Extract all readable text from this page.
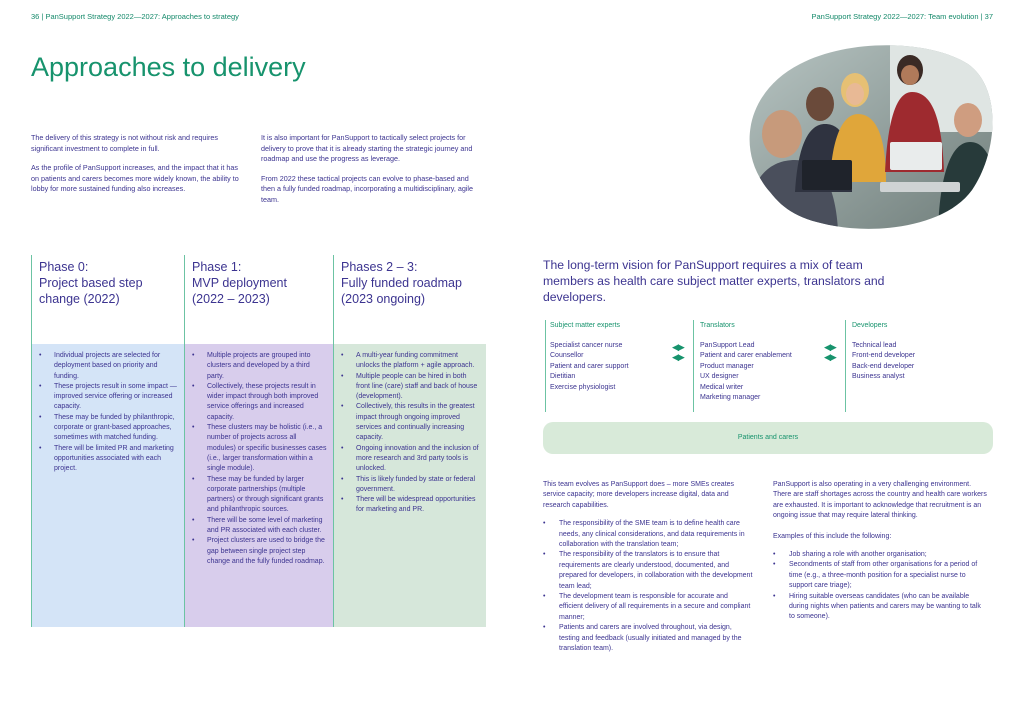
36 | PanSupport Strategy 2022—2027: Approaches to strategy	PanSupport Strategy 2022—2027: Team evolution | 37
Approaches to delivery

The delivery of this strategy is not without risk and requires significant investment to complete in full.

As the profile of PanSupport increases, and the impact that it has on patients and carers becomes more widely known, the ability to lobby for more sustained funding also increases.

It is also important for PanSupport to tactically select projects for delivery to prove that it is already starting the strategic journey and roadmap and use the progress as leverage.

From 2022 these tactical projects can evolve to phase-based and then a fully funded roadmap, incorporating a multidisciplinary, agile team.

Phase 0:
Project based step
change (2022)
• Individual projects are selected for deployment based on priority and funding.
• These projects result in some impact — improved service offering or increased capacity.
• These may be funded by philanthropic, corporate or grant-based approaches, sometimes with matched funding.
• There will be limited PR and marketing opportunities associated with each project.
Phase 1:
MVP deployment
(2022 – 2023)
• Multiple projects are grouped into clusters and developed by a third party.
• Collectively, these projects result in wider impact through both improved service offerings and increased capacity.
• These clusters may be holistic (i.e., a number of projects across all modules) or specific businesses cases (i.e., larger transformation within a single module).
• These may be funded by larger corporate partnerships (multiple partners) or through significant grants and philanthropic sources.
• There will be some level of marketing and PR associated with each cluster.
• Project clusters are used to bridge the gap between single project step change and the fully funded roadmap.
Phases 2 – 3:
Fully funded roadmap
(2023 ongoing)
• A multi-year funding commitment unlocks the platform + agile approach.
• Multiple people can be hired in both front line (care) staff and back of house (development).
• Collectively, this results in the greatest impact through ongoing improved services and continually increasing capacity.
• Ongoing innovation and the inclusion of more research and 3rd party tools is unlocked.
• This is likely funded by state or federal government.
• There will be widespread opportunities for marketing and PR.
The long-term vision for PanSupport requires a mix of team members as health care subject matter experts, translators and developers.
Subject matter experts
Specialist cancer nurse
Counsellor
Patient and carer support
Dietitian
Exercise physiologist
◀▶
◀▶
Translators
PanSupport Lead
Patient and carer enablement
Product manager
UX designer
Medical writer
Marketing manager
◀▶
◀▶
Developers
Technical lead
Front-end developer
Back-end developer
Business analyst
Patients and carers

This team evolves as PanSupport does – more SMEs creates service capacity; more developers increase digital, data and research capabilities.

• The responsibility of the SME team is to define health care needs, any clinical considerations, and data requirements in collaboration with the translation team;
• The responsibility of the translators is to ensure that requirements are clearly understood, documented, and prepared for developers, in collaboration with the development team lead;
• The development team is responsible for accurate and efficient delivery of all requirements in a secure and compliant manner;
• Patients and carers are involved throughout, via design, testing and feedback (usually initiated and managed by the translation team).

PanSupport is also operating in a very challenging environment. There are staff shortages across the country and health care workers are exhausted. It is important to acknowledge that recruitment is an ongoing issue that may require lateral thinking.

Examples of this include the following:

• Job sharing a role with another organisation;
• Secondments of staff from other organisations for a period of time (e.g., a three-month position for a specialist nurse to support care triage);
• Hiring suitable overseas candidates (who can be available during nights when patients and carers may be wanting to talk to someone).
